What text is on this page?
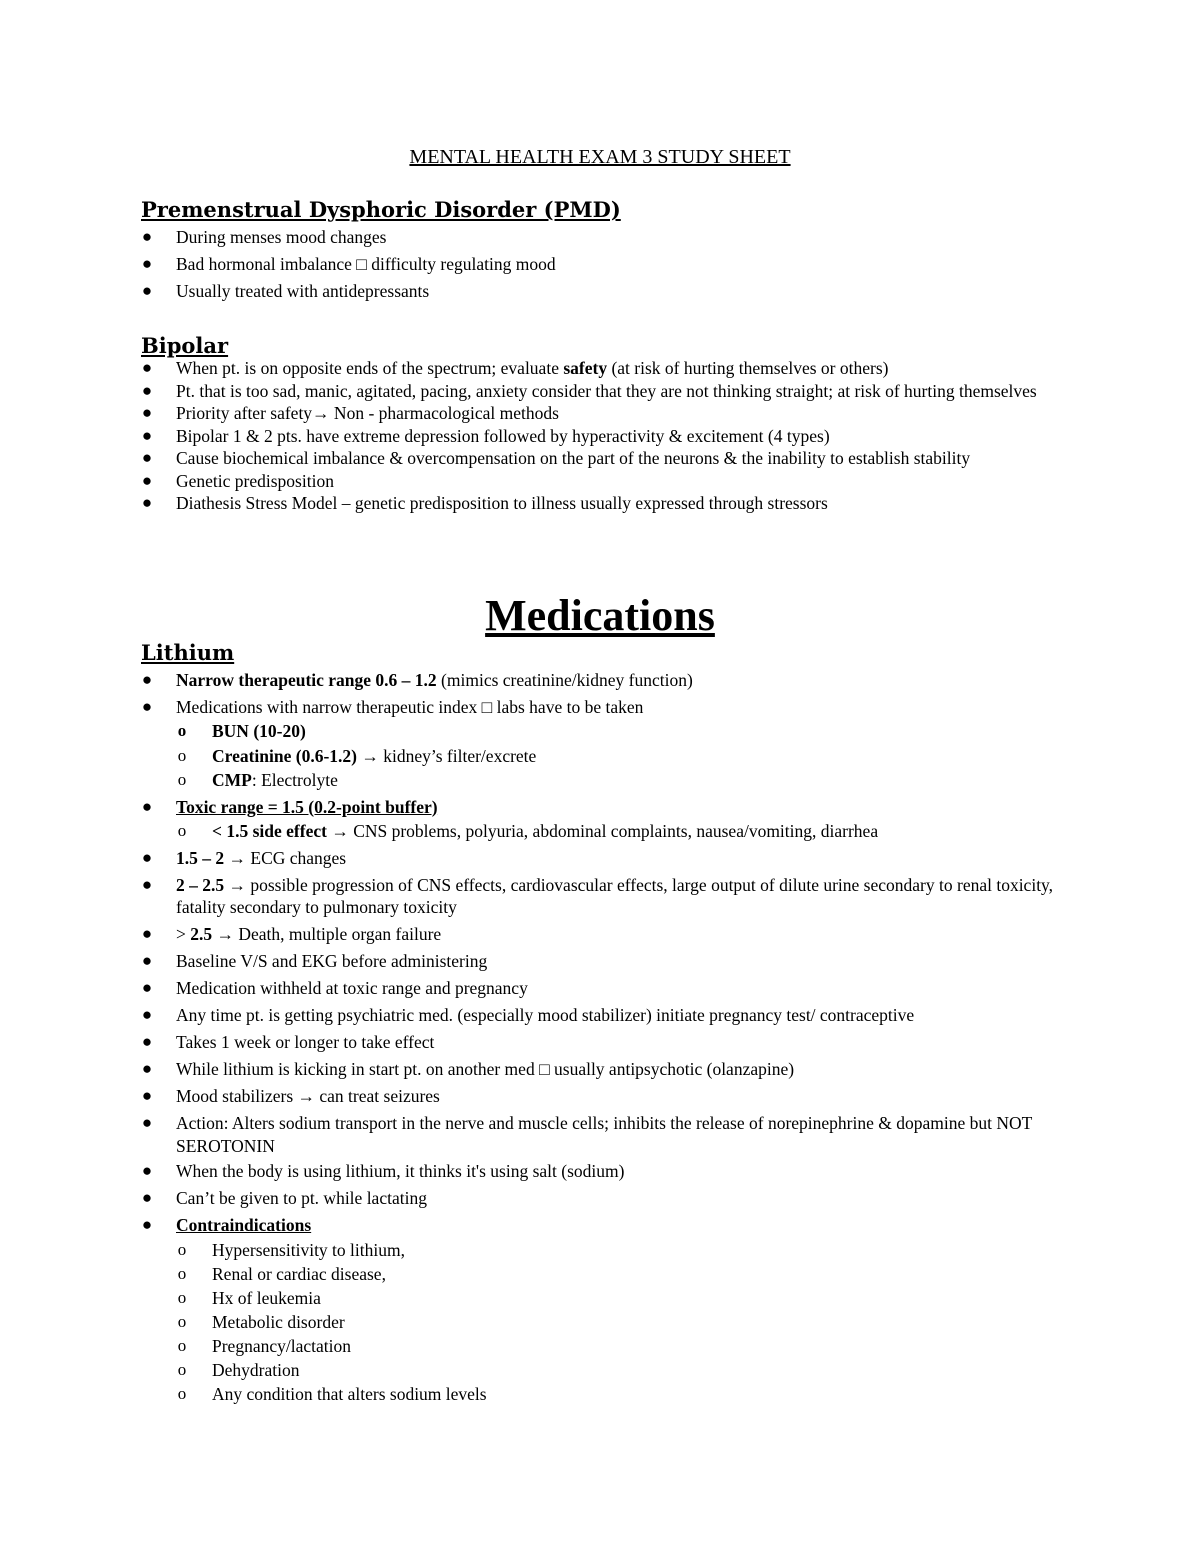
MENTAL HEALTH EXAM 3 STUDY SHEET
Premenstrual Dysphoric Disorder (PMD)
● During menses mood changes
● Bad hormonal imbalance □ difficulty regulating mood
● Usually treated with antidepressants
Bipolar
● When pt. is on opposite ends of the spectrum; evaluate safety (at risk of hurting themselves or others)
● Pt. that is too sad, manic, agitated, pacing, anxiety consider that they are not thinking straight; at risk of hurting themselves
● Priority after safety→ Non - pharmacological methods
● Bipolar 1 & 2 pts. have extreme depression followed by hyperactivity & excitement (4 types)
● Cause biochemical imbalance & overcompensation on the part of the neurons & the inability to establish stability
● Genetic predisposition
● Diathesis Stress Model – genetic predisposition to illness usually expressed through stressors
Medications
Lithium
● Narrow therapeutic range 0.6 – 1.2 (mimics creatinine/kidney function)
● Medications with narrow therapeutic index □ labs have to be taken
o BUN (10-20)
o Creatinine (0.6-1.2) → kidney’s filter/excrete
o CMP: Electrolyte
● Toxic range = 1.5 (0.2-point buffer)
o < 1.5 side effect → CNS problems, polyuria, abdominal complaints, nausea/vomiting, diarrhea
● 1.5 – 2 → ECG changes
● 2 – 2.5 → possible progression of CNS effects, cardiovascular effects, large output of dilute urine secondary to renal toxicity, fatality secondary to pulmonary toxicity
● > 2.5 → Death, multiple organ failure
● Baseline V/S and EKG before administering
● Medication withheld at toxic range and pregnancy
● Any time pt. is getting psychiatric med. (especially mood stabilizer) initiate pregnancy test/ contraceptive
● Takes 1 week or longer to take effect
● While lithium is kicking in start pt. on another med □ usually antipsychotic (olanzapine)
● Mood stabilizers → can treat seizures
● Action: Alters sodium transport in the nerve and muscle cells; inhibits the release of norepinephrine & dopamine but NOT SEROTONIN
● When the body is using lithium, it thinks it's using salt (sodium)
● Can’t be given to pt. while lactating
● Contraindications
o Hypersensitivity to lithium,
o Renal or cardiac disease,
o Hx of leukemia
o Metabolic disorder
o Pregnancy/lactation
o Dehydration
o Any condition that alters sodium levels
